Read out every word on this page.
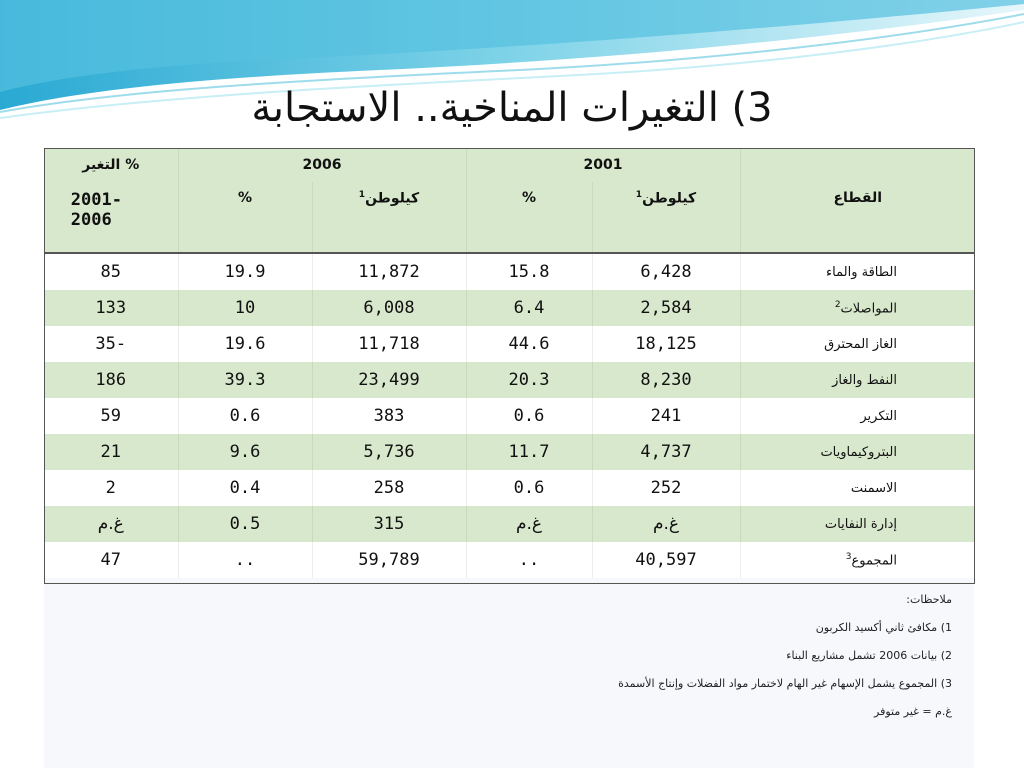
3) التغيرات المناخية.. الاستجابة
	2001		2006		% التغير
القطاع	كيلوطن$^1$	%	كيلوطن$^1$	%	2001-2006
الطاقة والماء	6,428	15.8	11,872	19.9	85
المواصلات$^2$	2,584	6.4	6,008	10	133
الغاز المحترق	18,125	44.6	11,718	19.6	-35
النفط والغاز	8,230	20.3	23,499	39.3	186
التكرير	241	0.6	383	0.6	59
البتروكيماويات	4,737	11.7	5,736	9.6	21
الاسمنت	252	0.6	258	0.4	2
إدارة النفايات	غ.م	غ.م	315	0.5	غ.م
المجموع$^3$	40,597	..	59,789	..	47
ملاحظات:
1) مكافئ ثاني أكسيد الكربون
2) بيانات 2006 تشمل مشاريع البناء
3) المجموع يشمل الإسهام غير الهام لاختمار مواد الفضلات وإنتاج الأسمدة
غ.م = غير متوفر
